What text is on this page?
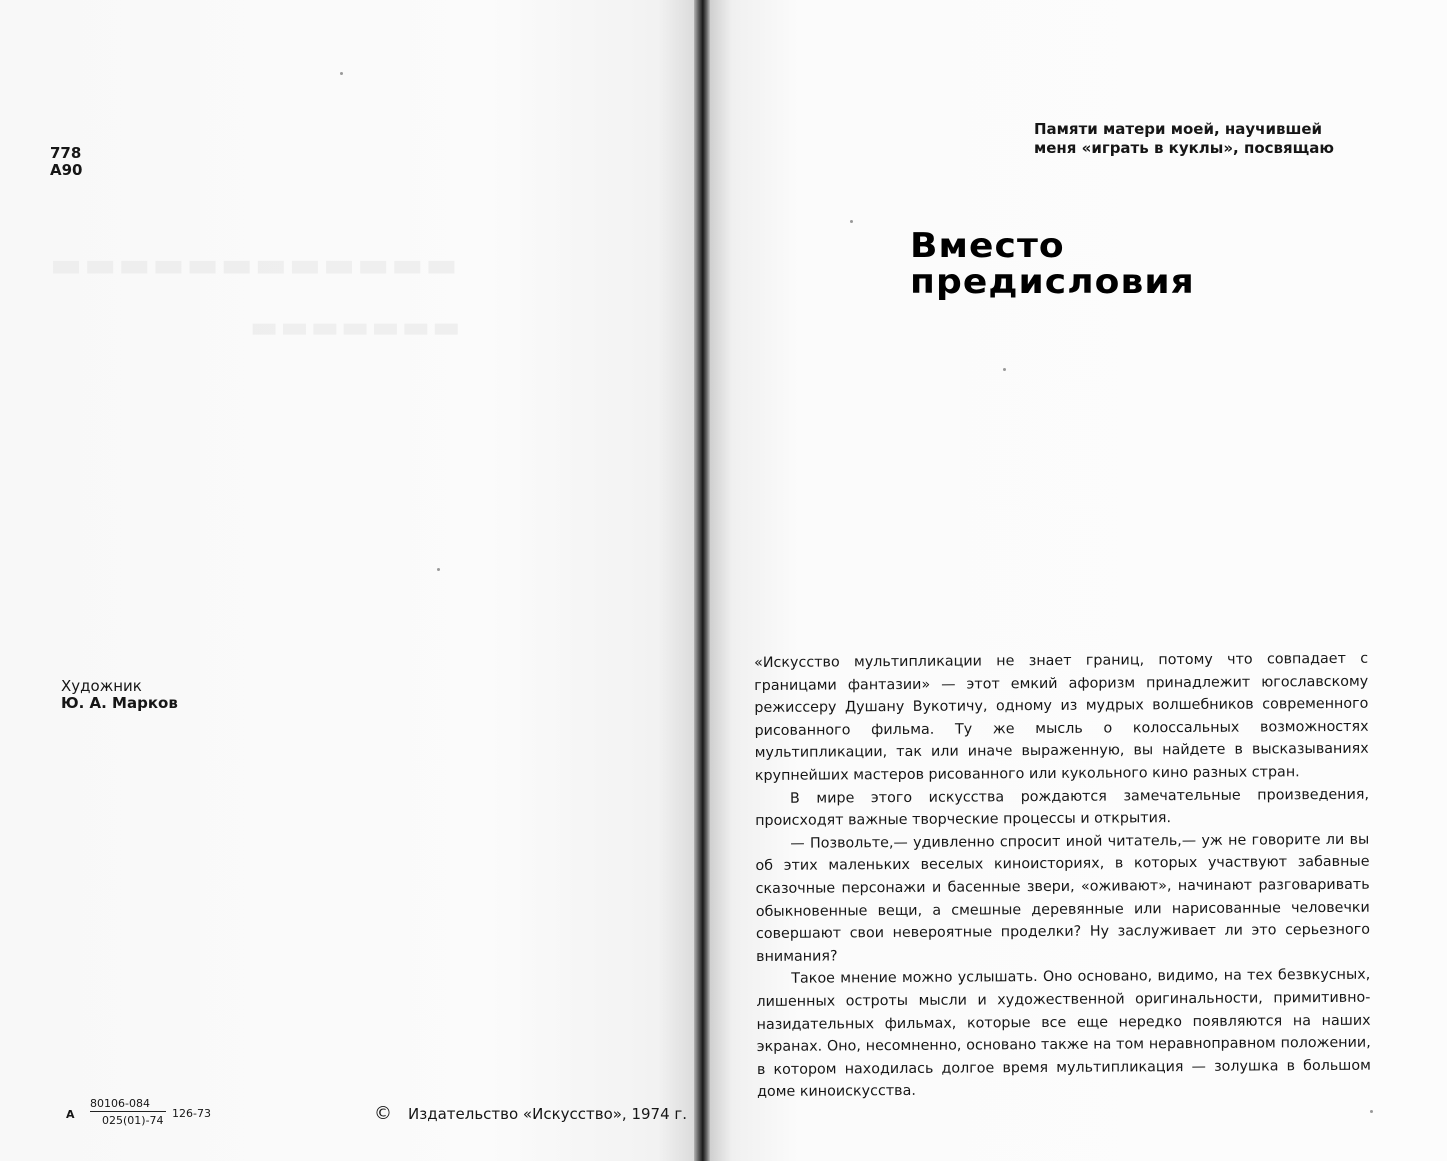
▬▬▬▬▬▬▬▬▬▬▬▬
▬▬▬▬▬▬▬
778
А90
Художник
Ю. А. Марков
А
80106-084
025(01)-74
126-73	© Издательство «Искусство», 1974 г.
Памяти матери моей, научившей меня «играть в куклы», посвящаю
Вместо
предисловия

«Искусство мультипликации не знает границ, потому что совпадает с границами фантазии» — этот емкий афоризм принадлежит югославскому режиссеру Душану Вукотичу, одному из мудрых волшебников современного рисованного фильма. Ту же мысль о колоссальных возможностях мультипликации, так или иначе выраженную, вы найдете в высказываниях крупнейших мастеров рисованного или кукольного кино разных стран.

В мире этого искусства рождаются замечательные произведения, происходят важные творческие процессы и открытия.

— Позвольте,— удивленно спросит иной читатель,— уж не говорите ли вы об этих маленьких веселых киноисториях, в которых участвуют забавные сказочные персонажи и басенные звери, «оживают», начинают разговаривать обыкновенные вещи, а смешные деревянные или нарисованные человечки совершают свои невероятные проделки? Ну заслуживает ли это серьезного внимания?

Такое мнение можно услышать. Оно основано, видимо, на тех безвкусных, лишенных остроты мысли и художественной оригинальности, примитивно-назидательных фильмах, которые все еще нередко появляются на наших экранах. Оно, несомненно, основано также на том неравноправном положении, в котором находилась долгое время мультипликация — золушка в большом доме киноискусства.
